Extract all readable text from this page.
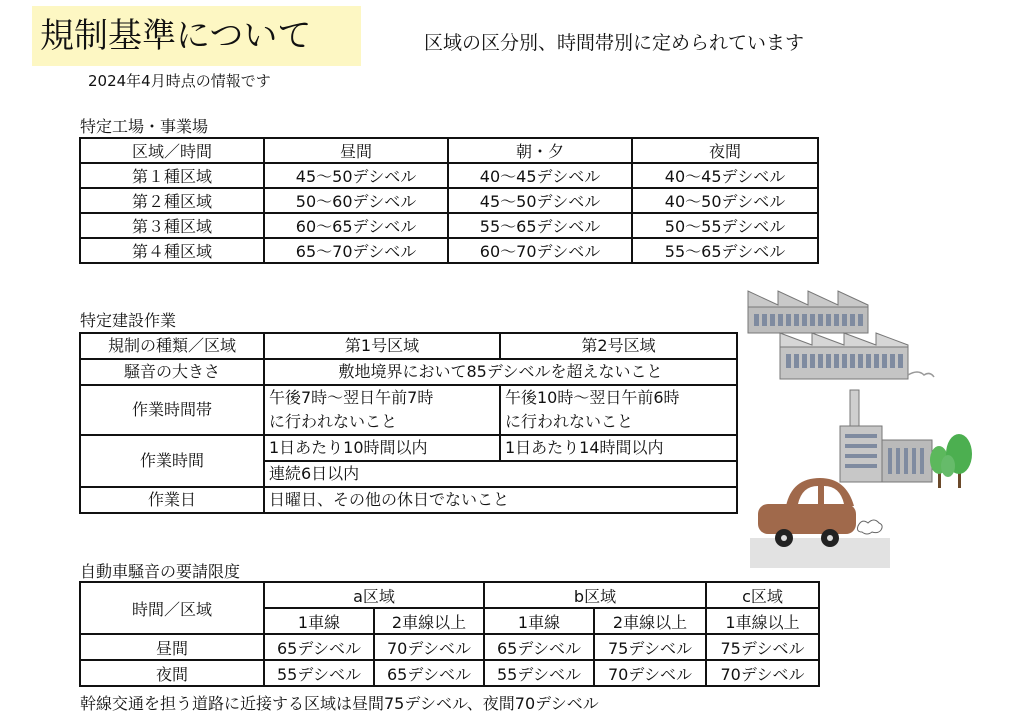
規制基準について	区域の区分別、時間帯別に定められています
2024年4月時点の情報です
特定工場・事業場
区域／時間	昼間	朝・夕	夜間
第１種区域	45～50デシベル	40～45デシベル	40～45デシベル
第２種区域	50～60デシベル	45～50デシベル	40～50デシベル
第３種区域	60～65デシベル	55～65デシベル	50～55デシベル
第４種区域	65～70デシベル	60～70デシベル	55～65デシベル
特定建設作業
規制の種類／区域	第1号区域	第2号区域
騒音の大きさ	敷地境界において85デシベルを超えないこと	
作業時間帯	午後7時～翌日午前7時	午後10時～翌日午前6時
	に行われないこと	に行われないこと
作業時間	1日あたり10時間以内	1日あたり14時間以内
	連続6日以内	
作業日	日曜日、その他の休日でないこと	
自動車騒音の要請限度
時間／区域	a区域		b区域		c区域
	1車線	2車線以上	1車線	2車線以上	1車線以上
昼間	65デシベル	70デシベル	65デシベル	75デシベル	75デシベル
夜間	55デシベル	65デシベル	55デシベル	70デシベル	70デシベル
幹線交通を担う道路に近接する区域は昼間75デシベル、夜間70デシベル
